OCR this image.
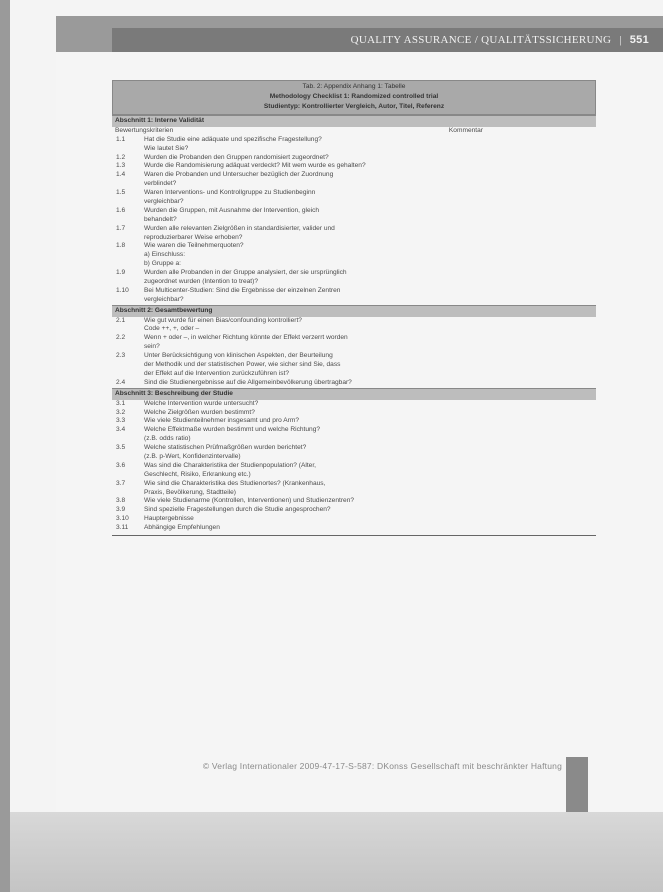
QUALITY ASSURANCE / QUALITÄTSSICHERUNG | 551
Tab. 2: Appendix Anhang 1: Tabelle
Methodology Checklist 1: Randomized controlled trial
Studientyp: Kontrollierter Vergleich, Autor, Titel, Referenz
Abschnitt 1: Interne Validität
Bewertungskriterien	Kommentar
1.1	Hat die Studie eine adäquate und spezifische Fragestellung?
Wie lautet Sie?
1.2	Wurden die Probanden den Gruppen randomisiert zugeordnet?
1.3	Wurde die Randomisierung adäquat verdeckt? Mit wem wurde es gehalten?
1.4	Waren die Probanden und Untersucher bezüglich der Zuordnung
verblindet?
1.5	Waren Interventions- und Kontrollgruppe zu Studienbeginn
vergleichbar?
1.6	Wurden die Gruppen, mit Ausnahme der Intervention, gleich
behandelt?
1.7	Wurden alle relevanten Zielgrößen in standardisierter, valider und
reproduzierbarer Weise erhoben?
1.8	Wie waren die Teilnehmerquoten?
a) Einschluss:
b) Gruppe a:
1.9	Wurden alle Probanden in der Gruppe analysiert, der sie ursprünglich
zugeordnet wurden (Intention to treat)?
1.10	Bei Multicenter-Studien: Sind die Ergebnisse der einzelnen Zentren
vergleichbar?
Abschnitt 2: Gesamtbewertung
2.1	Wie gut wurde für einen Bias/confounding kontrolliert?
Code ++, +, oder –
2.2	Wenn + oder –, in welcher Richtung könnte der Effekt verzerrt worden
sein?
2.3	Unter Berücksichtigung von klinischen Aspekten, der Beurteilung
der Methodik und der statistischen Power, wie sicher sind Sie, dass
der Effekt auf die Intervention zurückzuführen ist?
2.4	Sind die Studienergebnisse auf die Allgemeinbevölkerung übertragbar?
Abschnitt 3: Beschreibung der Studie
3.1	Welche Intervention wurde untersucht?
3.2	Welche Zielgrößen wurden bestimmt?
3.3	Wie viele Studienteilnehmer insgesamt und pro Arm?
3.4	Welche Effektmaße wurden bestimmt und welche Richtung?
(z.B. odds ratio)
3.5	Welche statistischen Prüfmaßgrößen wurden berichtet?
(z.B. p-Wert, Konfidenzintervalle)
3.6	Was sind die Charakteristika der Studienpopulation? (Alter,
Geschlecht, Risiko, Erkrankung etc.)
3.7	Wie sind die Charakteristika des Studienortes? (Krankenhaus,
Praxis, Bevölkerung, Stadtteile)
3.8	Wie viele Studienarme (Kontrollen, Interventionen) und Studienzentren?
3.9	Sind spezielle Fragestellungen durch die Studie angesprochen?
3.10	Hauptergebnisse
3.11	Abhängige Empfehlungen
© Verlag Internationaler 2009-47-17-S-587: DKonss Gesellschaft mit beschränkter Haftung
